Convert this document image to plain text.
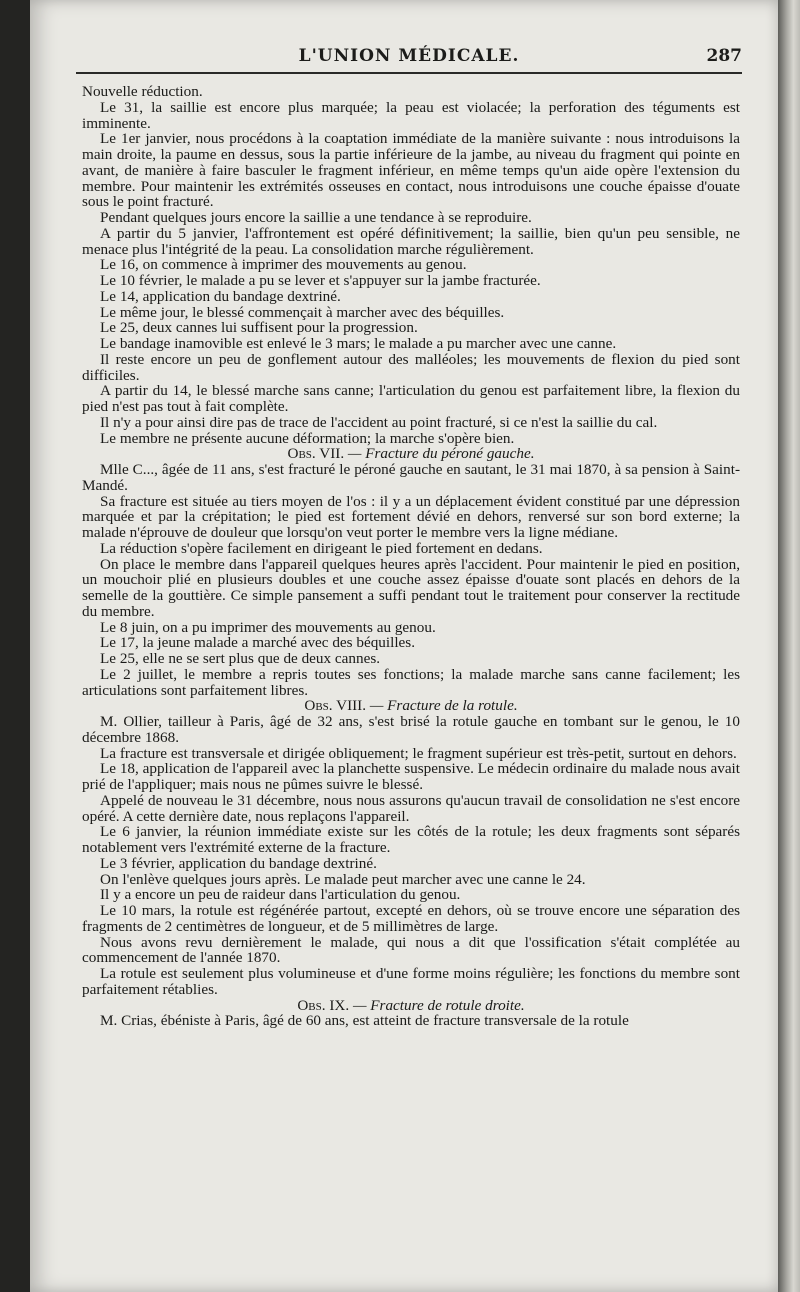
L'UNION MÉDICALE.	287

Nouvelle réduction.

Le 31, la saillie est encore plus marquée; la peau est violacée; la perforation des téguments est imminente.

Le 1er janvier, nous procédons à la coaptation immédiate de la manière suivante : nous introduisons la main droite, la paume en dessus, sous la partie inférieure de la jambe, au niveau du fragment qui pointe en avant, de manière à faire basculer le fragment inférieur, en même temps qu'un aide opère l'extension du membre. Pour maintenir les extrémités osseuses en contact, nous introduisons une couche épaisse d'ouate sous le point fracturé.

Pendant quelques jours encore la saillie a une tendance à se reproduire.

A partir du 5 janvier, l'affrontement est opéré définitivement; la saillie, bien qu'un peu sensible, ne menace plus l'intégrité de la peau. La consolidation marche régulièrement.

Le 16, on commence à imprimer des mouvements au genou.

Le 10 février, le malade a pu se lever et s'appuyer sur la jambe fracturée.

Le 14, application du bandage dextriné.

Le même jour, le blessé commençait à marcher avec des béquilles.

Le 25, deux cannes lui suffisent pour la progression.

Le bandage inamovible est enlevé le 3 mars; le malade a pu marcher avec une canne.

Il reste encore un peu de gonflement autour des malléoles; les mouvements de flexion du pied sont difficiles.

A partir du 14, le blessé marche sans canne; l'articulation du genou est parfaitement libre, la flexion du pied n'est pas tout à fait complète.

Il n'y a pour ainsi dire pas de trace de l'accident au point fracturé, si ce n'est la saillie du cal.

Le membre ne présente aucune déformation; la marche s'opère bien.

Obs. VII. — Fracture du péroné gauche.

Mlle C..., âgée de 11 ans, s'est fracturé le péroné gauche en sautant, le 31 mai 1870, à sa pension à Saint-Mandé.

Sa fracture est située au tiers moyen de l'os : il y a un déplacement évident constitué par une dépression marquée et par la crépitation; le pied est fortement dévié en dehors, renversé sur son bord externe; la malade n'éprouve de douleur que lorsqu'on veut porter le membre vers la ligne médiane.

La réduction s'opère facilement en dirigeant le pied fortement en dedans.

On place le membre dans l'appareil quelques heures après l'accident. Pour maintenir le pied en position, un mouchoir plié en plusieurs doubles et une couche assez épaisse d'ouate sont placés en dehors de la semelle de la gouttière. Ce simple pansement a suffi pendant tout le traitement pour conserver la rectitude du membre.

Le 8 juin, on a pu imprimer des mouvements au genou.

Le 17, la jeune malade a marché avec des béquilles.

Le 25, elle ne se sert plus que de deux cannes.

Le 2 juillet, le membre a repris toutes ses fonctions; la malade marche sans canne facilement; les articulations sont parfaitement libres.

Obs. VIII. — Fracture de la rotule.

M. Ollier, tailleur à Paris, âgé de 32 ans, s'est brisé la rotule gauche en tombant sur le genou, le 10 décembre 1868.

La fracture est transversale et dirigée obliquement; le fragment supérieur est très-petit, surtout en dehors.

Le 18, application de l'appareil avec la planchette suspensive. Le médecin ordinaire du malade nous avait prié de l'appliquer; mais nous ne pûmes suivre le blessé.

Appelé de nouveau le 31 décembre, nous nous assurons qu'aucun travail de consolidation ne s'est encore opéré. A cette dernière date, nous replaçons l'appareil.

Le 6 janvier, la réunion immédiate existe sur les côtés de la rotule; les deux fragments sont séparés notablement vers l'extrémité externe de la fracture.

Le 3 février, application du bandage dextriné.

On l'enlève quelques jours après. Le malade peut marcher avec une canne le 24.

Il y a encore un peu de raideur dans l'articulation du genou.

Le 10 mars, la rotule est régénérée partout, excepté en dehors, où se trouve encore une séparation des fragments de 2 centimètres de longueur, et de 5 millimètres de large.

Nous avons revu dernièrement le malade, qui nous a dit que l'ossification s'était complétée au commencement de l'année 1870.

La rotule est seulement plus volumineuse et d'une forme moins régulière; les fonctions du membre sont parfaitement rétablies.

Obs. IX. — Fracture de rotule droite.

M. Crias, ébéniste à Paris, âgé de 60 ans, est atteint de fracture transversale de la rotule
